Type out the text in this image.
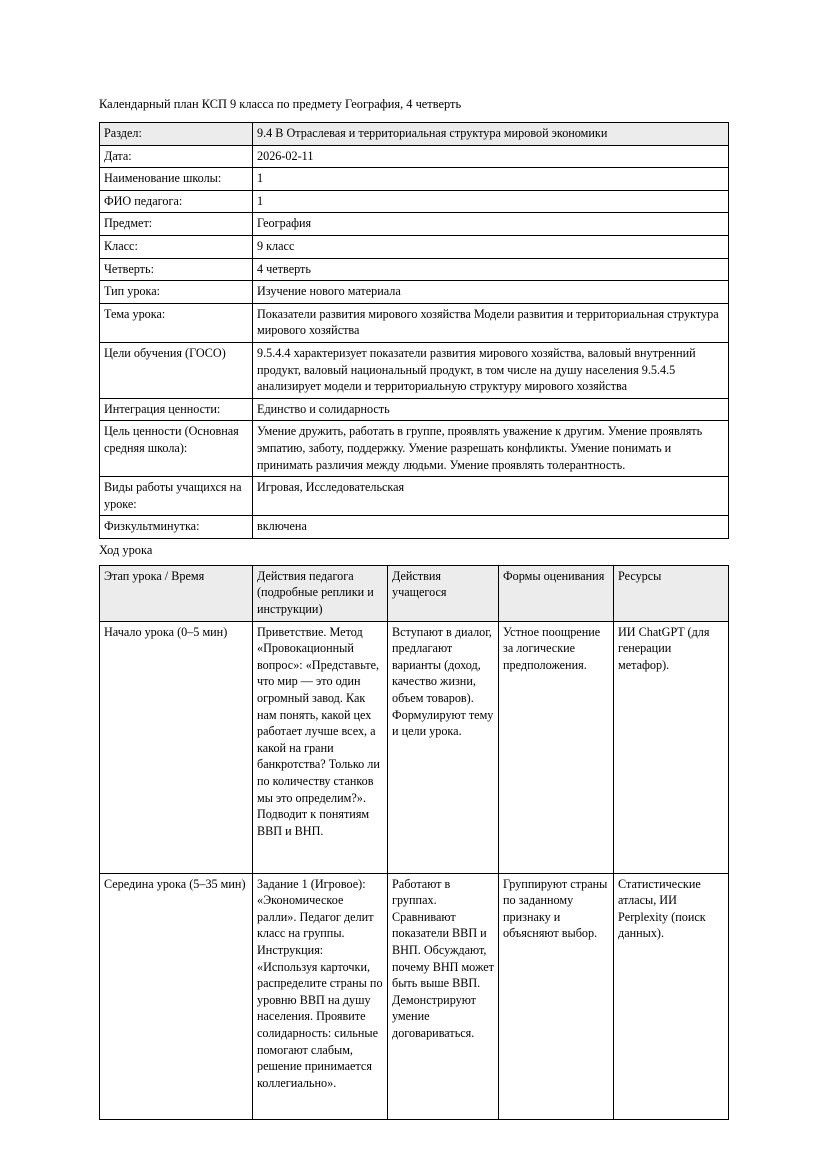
Календарный план КСП 9 класса по предмету География, 4 четверть

Раздел:	9.4 В Отраслевая и территориальная структура мировой экономики
Дата:	2026-02-11
Наименование школы:	1
ФИО педагога:	1
Предмет:	География
Класс:	9 класс
Четверть:	4 четверть
Тип урока:	Изучение нового материала
Тема урока:	Показатели развития мирового хозяйства Модели развития и территориальная структура мирового хозяйства
Цели обучения (ГОСО)	9.5.4.4 характеризует показатели развития мирового хозяйства, валовый внутренний продукт, валовый национальный продукт, в том числе на душу населения 9.5.4.5 анализирует модели и территориальную структуру мирового хозяйства
Интеграция ценности:	Единство и солидарность
Цель ценности (Основная средняя школа):	Умение дружить, работать в группе, проявлять уважение к другим. Умение проявлять эмпатию, заботу, поддержку. Умение разрешать конфликты. Умение понимать и принимать различия между людьми. Умение проявлять толерантность.
Виды работы учащихся на уроке:	Игровая, Исследовательская
Физкультминутка:	включена

Ход урока

Этап урока / Время	Действия педагога (подробные реплики и инструкции)	Действия учащегося	Формы оценивания	Ресурсы
Начало урока (0–5 мин)	Приветствие. Метод «Провокационный вопрос»: «Представьте, что мир — это один огромный завод. Как нам понять, какой цех работает лучше всех, а какой на грани банкротства? Только ли по количеству станков мы это определим?». Подводит к понятиям ВВП и ВНП.	Вступают в диалог, предлагают варианты (доход, качество жизни, объем товаров). Формулируют тему и цели урока.	Устное поощрение за логические предположения.	ИИ ChatGPT (для генерации метафор).
Середина урока (5–35 мин)	Задание 1 (Игровое): «Экономическое ралли». Педагог делит класс на группы. Инструкция: «Используя карточки, распределите страны по уровню ВВП на душу населения. Проявите солидарность: сильные помогают слабым, решение принимается коллегиально».	Работают в группах. Сравнивают показатели ВВП и ВНП. Обсуждают, почему ВНП может быть выше ВВП. Демонстрируют умение договариваться.	Группируют страны по заданному признаку и объясняют выбор.	Статистические атласы, ИИ Perplexity (поиск данных).
